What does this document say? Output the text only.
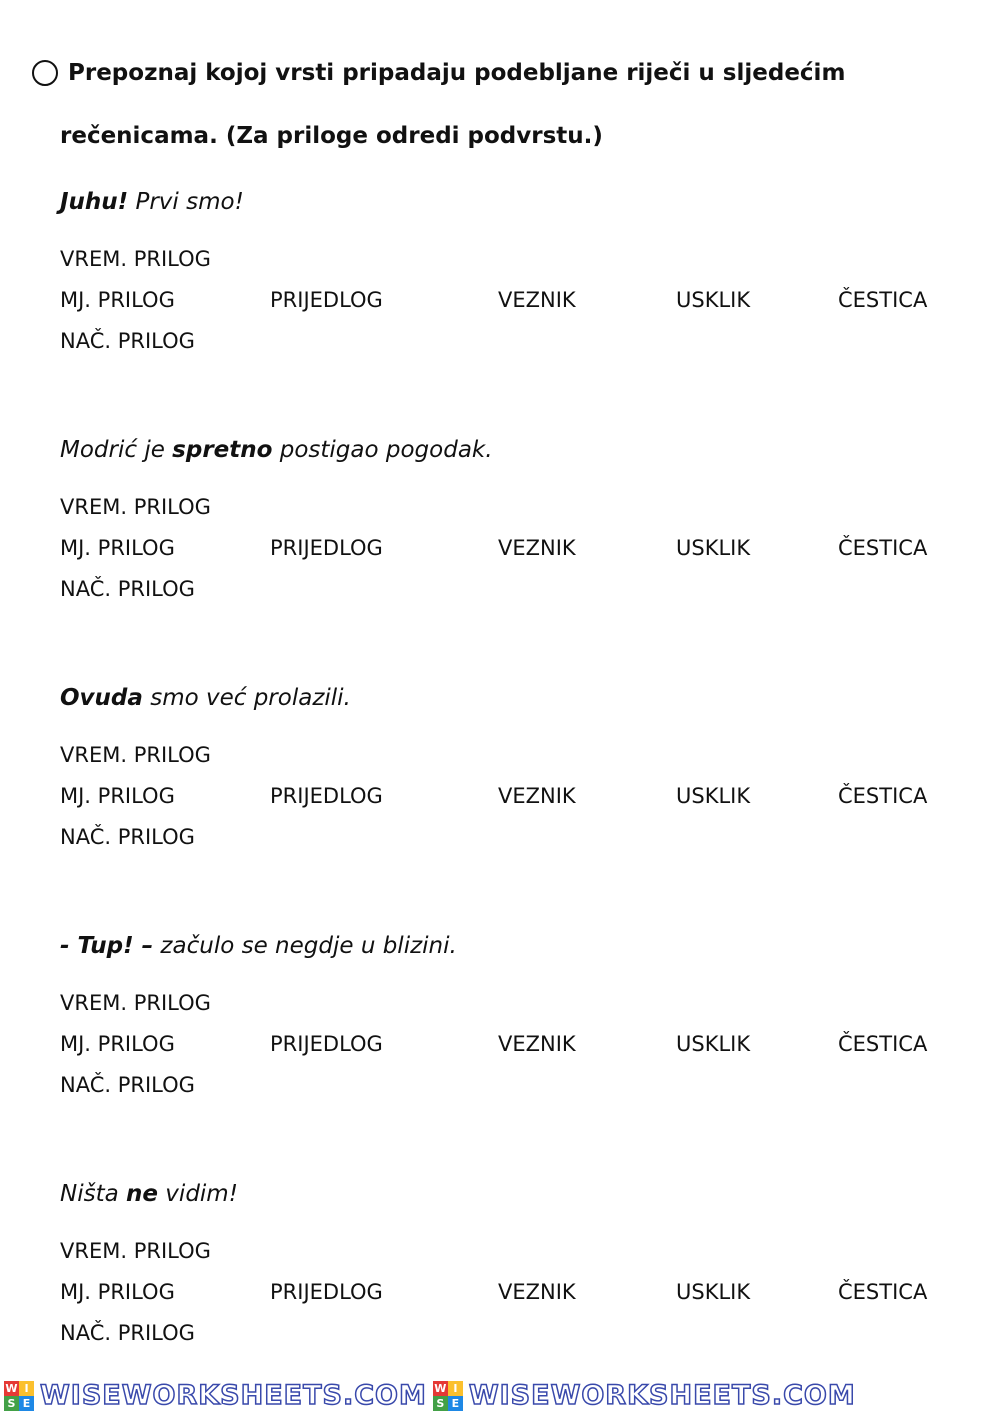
Prepoznaj kojoj vrsti pripadaju podebljane riječi u sljedećim
rečenicama. (Za priloge odredi podvrstu.)

Juhu! Prvi smo!

VREM. PRILOG
MJ. PRILOG
NAČ. PRILOG
PRIJEDLOG	VEZNIK	USKLIK	ČESTICA

Modrić je spretno postigao pogodak.

VREM. PRILOG
MJ. PRILOG
NAČ. PRILOG
PRIJEDLOG	VEZNIK	USKLIK	ČESTICA

Ovuda smo već prolazili.

VREM. PRILOG
MJ. PRILOG
NAČ. PRILOG
PRIJEDLOG	VEZNIK	USKLIK	ČESTICA

- Tup! – začulo se negdje u blizini.

VREM. PRILOG
MJ. PRILOG
NAČ. PRILOG
PRIJEDLOG	VEZNIK	USKLIK	ČESTICA

Ništa ne vidim!

VREM. PRILOG
MJ. PRILOG
NAČ. PRILOG
PRIJEDLOG	VEZNIK	USKLIK	ČESTICA
W I
S E WISEWORKSHEETS.COM W I
S E WISEWORKSHEETS.COM
